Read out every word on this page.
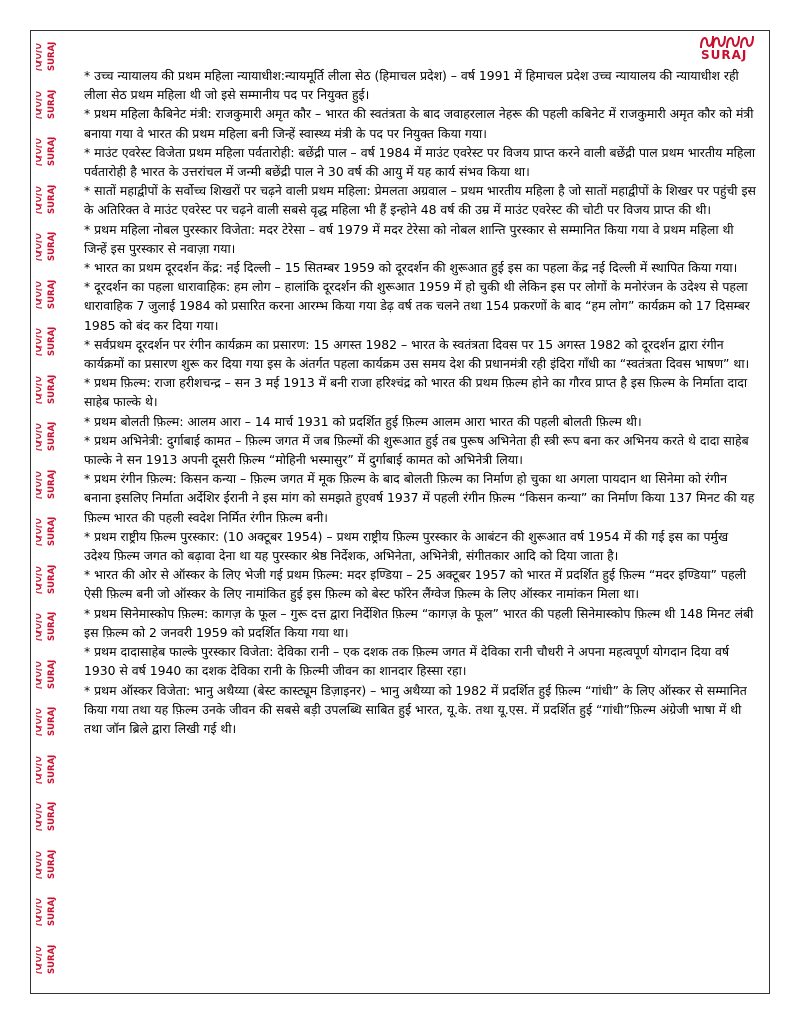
SURAJ
SURAJ
SURAJ
SURAJ
SURAJ
SURAJ
SURAJ
SURAJ
SURAJ
SURAJ
SURAJ
SURAJ
SURAJ
SURAJ
SURAJ
SURAJ
SURAJ
SURAJ
SURAJ
SURAJ
SURAJ

* उच्च न्यायालय की प्रथम महिला न्यायाधीश:न्यायमूर्ति लीला सेठ (हिमाचल प्रदेश) – वर्ष 1991 में हिमाचल प्रदेश उच्च न्यायालय की न्यायाधीश रही लीला सेठ प्रथम महिला थी जो इसे सम्मानीय पद पर नियुक्त हुई।

* प्रथम महिला कैबिनेट मंत्री: राजकुमारी अमृत कौर – भारत की स्वतंत्रता के बाद जवाहरलाल नेहरू की पहली कबिनेट में राजकुमारी अमृत कौर को मंत्री बनाया गया वे भारत की प्रथम महिला बनी जिन्हें स्वास्थ्य मंत्री के पद पर नियुक्त किया गया।

* माउंट एवरेस्ट विजेता प्रथम महिला पर्वतारोही: बछेंद्री पाल – वर्ष 1984 में माउंट एवरेस्ट पर विजय प्राप्त करने वाली बछेंद्री पाल प्रथम भारतीय महिला पर्वतारोही है भारत के उत्तरांचल में जन्मी बछेंद्री पाल ने 30 वर्ष की आयु में यह कार्य संभव किया था।

* सातों महाद्वीपों के सर्वोच्च शिखरों पर चढ़ने वाली प्रथम महिला: प्रेमलता अग्रवाल – प्रथम भारतीय महिला है जो सातों महाद्वीपों के शिखर पर पहुंची इस के अतिरिक्त वे माउंट एवरेस्ट पर चढ़ने वाली सबसे वृद्ध महिला भी हैं इन्होने 48 वर्ष की उम्र में माउंट एवरेस्ट की चोटी पर विजय प्राप्त की थी।

* प्रथम महिला नोबल पुरस्कार विजेता: मदर टेरेसा – वर्ष 1979 में मदर टेरेसा को नोबल शान्ति पुरस्कार से सम्मानित किया गया वे प्रथम महिला थी जिन्हें इस पुरस्कार से नवाज़ा गया।

* भारत का प्रथम दूरदर्शन केंद्र: नई दिल्ली – 15 सितम्बर 1959 को दूरदर्शन की शुरूआत हुई इस का पहला केंद्र नई दिल्ली में स्थापित किया गया।

* दूरदर्शन का पहला धारावाहिक: हम लोग – हालांकि दूरदर्शन की शुरूआत 1959 में हो चुकी थी लेकिन इस पर लोगों के मनोरंजन के उदेश्य से पहला धारावाहिक 7 जुलाई 1984 को प्रसारित करना आरम्भ किया गया डेढ़ वर्ष तक चलने तथा 154 प्रकरणों के बाद “हम लोग” कार्यक्रम को 17 दिसम्बर 1985 को बंद कर दिया गया।

* सर्वप्रथम दूरदर्शन पर रंगीन कार्यक्रम का प्रसारण: 15 अगस्त 1982 – भारत के स्वतंत्रता दिवस पर 15 अगस्त 1982 को दूरदर्शन द्वारा रंगीन कार्यक्रमों का प्रसारण शुरू कर दिया गया इस के अंतर्गत पहला कार्यक्रम उस समय देश की प्रधानमंत्री रही इंदिरा गाँधी का “स्वतंत्रता दिवस भाषण” था।

* प्रथम फ़िल्म: राजा हरीशचन्द्र – सन 3 मई 1913 में बनी राजा हरिश्चंद्र को भारत की प्रथम फ़िल्म होने का गौरव प्राप्त है इस फ़िल्म के निर्माता दादा साहेब फाल्के थे।

* प्रथम बोलती फ़िल्म: आलम आरा – 14 मार्च 1931 को प्रदर्शित हुई फ़िल्म आलम आरा भारत की पहली बोलती फ़िल्म थी।

* प्रथम अभिनेत्री: दुर्गाबाई कामत – फ़िल्म जगत में जब फ़िल्मों की शुरूआत हुई तब पुरूष अभिनेता ही स्त्री रूप बना कर अभिनय करते थे दादा साहेब फाल्के ने सन 1913 अपनी दूसरी फ़िल्म “मोहिनी भस्मासुर” में दुर्गाबाई कामत को अभिनेत्री लिया।

* प्रथम रंगीन फ़िल्म: किसन कन्या – फ़िल्म जगत में मूक फ़िल्म के बाद बोलती फ़िल्म का निर्माण हो चुका था अगला पायदान था सिनेमा को रंगीन बनाना इसलिए निर्माता अर्देशिर ईरानी ने इस मांग को समझते हुएवर्ष 1937 में पहली रंगीन फ़िल्म “किसन कन्या” का निर्माण किया 137 मिनट की यह फ़िल्म भारत की पहली स्वदेश निर्मित रंगीन फ़िल्म बनी।

* प्रथम राष्ट्रीय फ़िल्म पुरस्कार: (10 अक्टूबर 1954) – प्रथम राष्ट्रीय फ़िल्म पुरस्कार के आबंटन की शुरूआत वर्ष 1954 में की गई इस का पर्मुख उदेश्य फ़िल्म जगत को बढ़ावा देना था यह पुरस्कार श्रेष्ठ निर्देशक, अभिनेता, अभिनेत्री, संगीतकार आदि को दिया जाता है।

* भारत की ओर से ऑस्कर के लिए भेजी गई प्रथम फ़िल्म: मदर इण्डिया – 25 अक्टूबर 1957 को भारत में प्रदर्शित हुई फ़िल्म “मदर इण्डिया” पहली ऐसी फ़िल्म बनी जो ऑस्कर के लिए नामांकित हुई इस फ़िल्म को बेस्ट फॉरेन लैंग्वेज फ़िल्म के लिए ऑस्कर नामांकन मिला था।

* प्रथम सिनेमास्कोप फ़िल्म: कागज़ के फूल – गुरू दत्त द्वारा निर्देशित फ़िल्म “कागज़ के फूल” भारत की पहली सिनेमास्कोप फ़िल्म थी 148 मिनट लंबी इस फ़िल्म को 2 जनवरी 1959 को प्रदर्शित किया गया था।

* प्रथम दादासाहेब फाल्के पुरस्कार विजेता: देविका रानी – एक दशक तक फ़िल्म जगत में देविका रानी चौधरी ने अपना महत्वपूर्ण योगदान दिया वर्ष 1930 से वर्ष 1940 का दशक देविका रानी के फ़िल्मी जीवन का शानदार हिस्सा रहा।

* प्रथम ऑस्कर विजेता: भानु अथैय्या (बेस्ट कास्ट्यूम डिज़ाइनर) – भानु अथैय्या को 1982 में प्रदर्शित हुई फ़िल्म “गांधी” के लिए ऑस्कर से सम्मानित किया गया तथा यह फ़िल्म उनके जीवन की सबसे बड़ी उपलब्धि साबित हुई भारत, यू.के. तथा यू.एस. में प्रदर्शित हुई “गांधी”फ़िल्म अंग्रेजी भाषा में थी तथा जॉन ब्रिले द्वारा लिखी गई थी।
